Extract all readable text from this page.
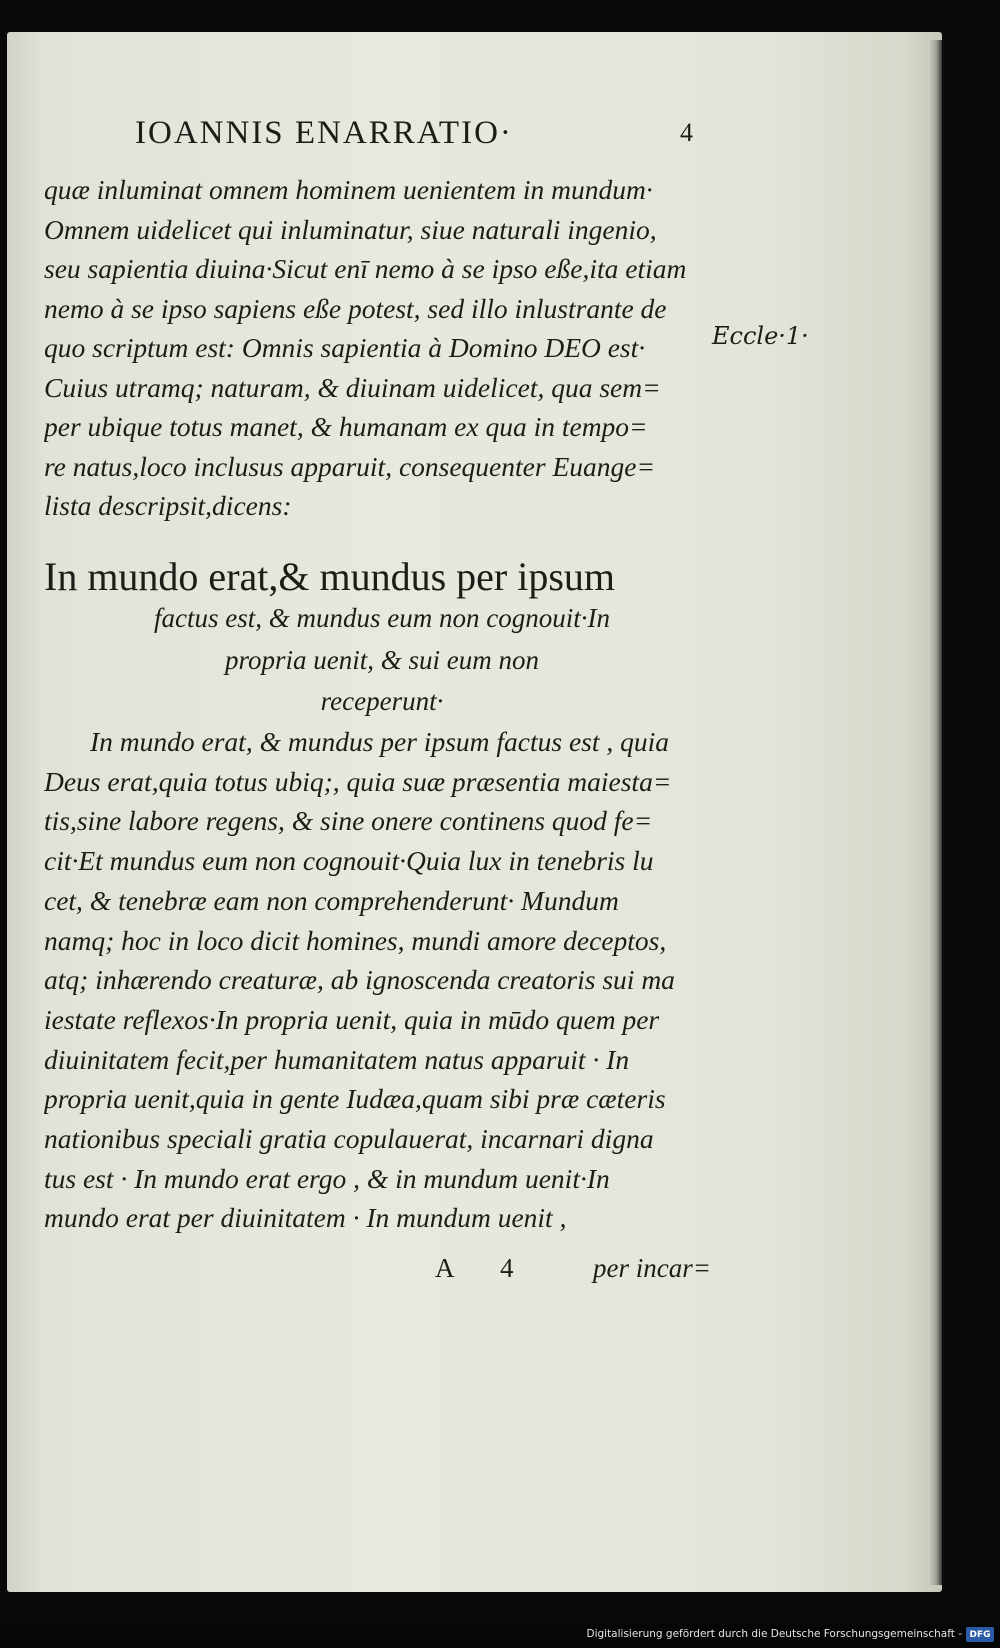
IOANNIS ENARRATIO·	4
Eccle·1·
quæ inluminat omnem hominem uenientem in mundum·
Omnem uidelicet qui inluminatur, siue naturali ingenio,
seu sapientia diuina·Sicut enī nemo à se ipso eße,ita etiam
nemo à se ipso sapiens eße potest, sed illo inlustrante de
quo scriptum est: Omnis sapientia à Domino DEO est·
Cuius utramq; naturam, & diuinam uidelicet, qua sem=
per ubique totus manet, & humanam ex qua in tempo=
re natus,loco inclusus apparuit, consequenter Euange=
lista descripsit,dicens:
In mundo erat,& mundus per ipsum
factus est, & mundus eum non cognouit·In
propria uenit, & sui eum non
receperunt·
In mundo erat, & mundus per ipsum factus est , quia
Deus erat,quia totus ubiq;, quia suæ præsentia maiesta=
tis,sine labore regens, & sine onere continens quod fe=
cit·Et mundus eum non cognouit·Quia lux in tenebris lu
cet, & tenebræ eam non comprehenderunt· Mundum
namq; hoc in loco dicit homines, mundi amore deceptos,
atq; inhærendo creaturæ, ab ignoscenda creatoris sui ma
iestate reflexos·In propria uenit, quia in mūdo quem per
diuinitatem fecit,per humanitatem natus apparuit · In
propria uenit,quia in gente Iudæa,quam sibi præ cæteris
nationibus speciali gratia copulauerat, incarnari digna
tus est · In mundo erat ergo , & in mundum uenit·In
mundo erat per diuinitatem · In mundum uenit ,
A 4	per incar=
Digitalisierung gefördert durch die Deutsche Forschungsgemeinschaft - DFG
